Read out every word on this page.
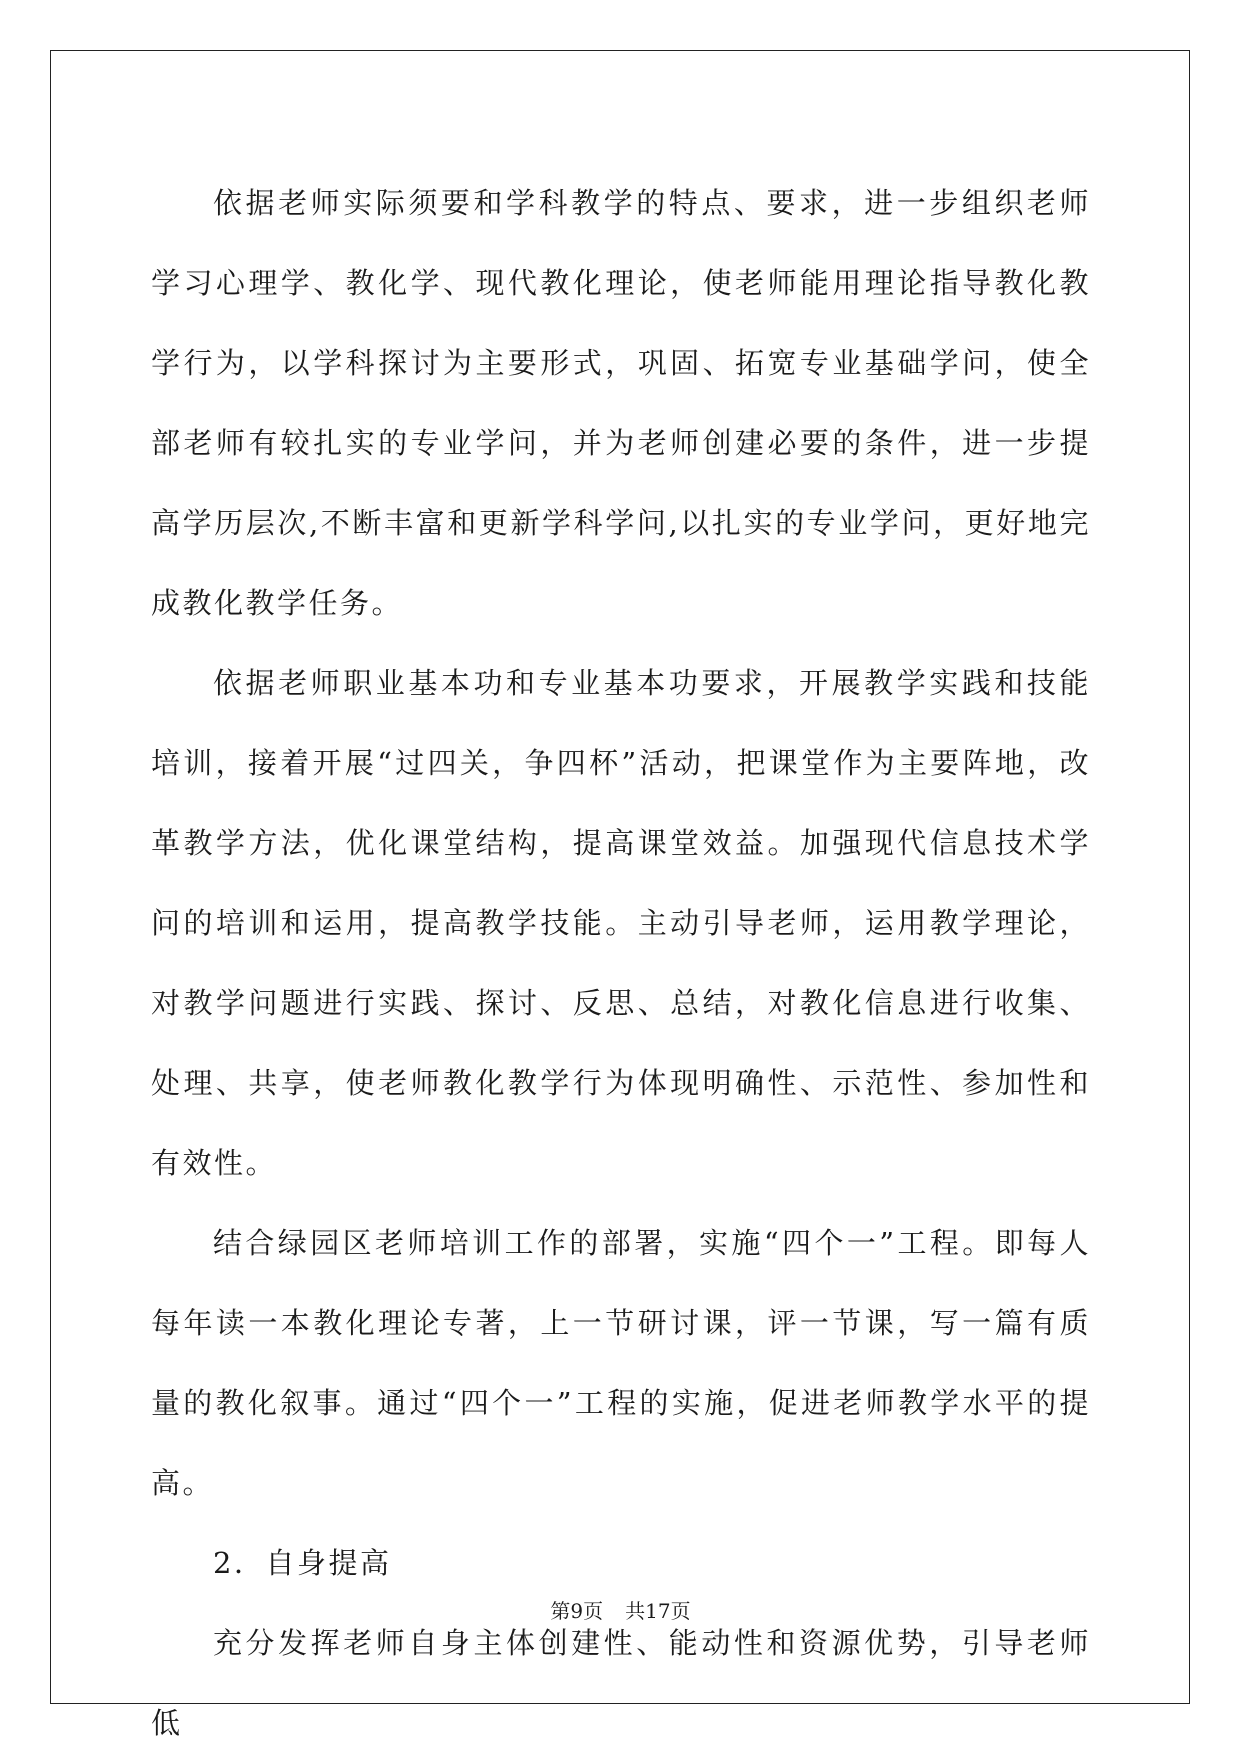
依据老师实际须要和学科教学的特点、要求，进一步组织老师学习心理学、教化学、现代教化理论，使老师能用理论指导教化教学行为，以学科探讨为主要形式，巩固、拓宽专业基础学问，使全部老师有较扎实的专业学问，并为老师创建必要的条件，进一步提高学历层次,不断丰富和更新学科学问,以扎实的专业学问，更好地完成教化教学任务。

依据老师职业基本功和专业基本功要求，开展教学实践和技能培训，接着开展“过四关，争四杯”活动，把课堂作为主要阵地，改革教学方法，优化课堂结构，提高课堂效益。加强现代信息技术学问的培训和运用，提高教学技能。主动引导老师，运用教学理论，对教学问题进行实践、探讨、反思、总结，对教化信息进行收集、处理、共享，使老师教化教学行为体现明确性、示范性、参加性和有效性。

结合绿园区老师培训工作的部署，实施“四个一”工程。即每人每年读一本教化理论专著，上一节研讨课，评一节课，写一篇有质量的教化叙事。通过“四个一”工程的实施，促进老师教学水平的提高。

2．自身提高

充分发挥老师自身主体创建性、能动性和资源优势，引导老师低

第9页 共17页
